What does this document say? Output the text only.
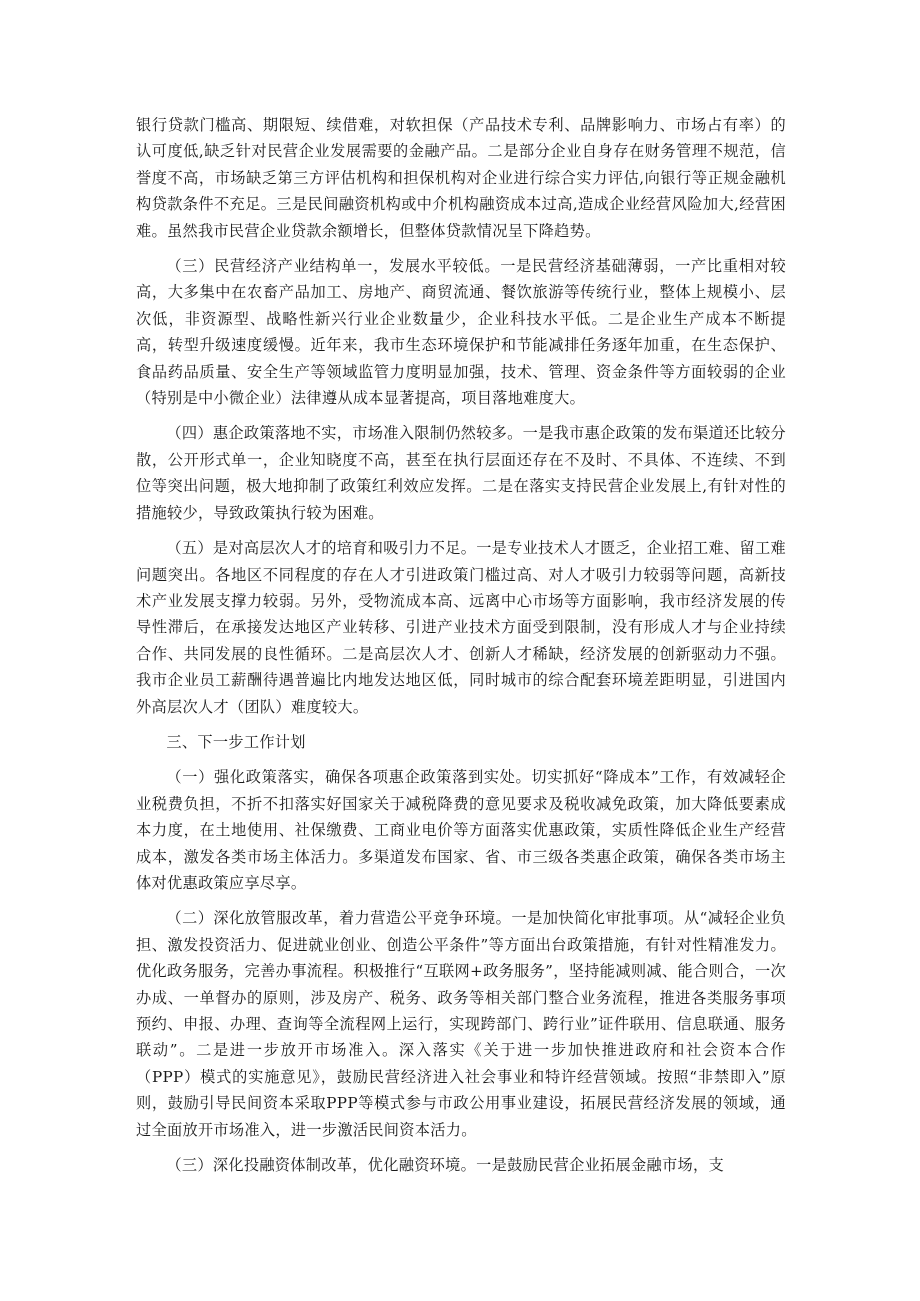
银行贷款门槛高、期限短、续借难，对软担保（产品技术专利、品牌影响力、市场占有率）的认可度低,缺乏针对民营企业发展需要的金融产品。二是部分企业自身存在财务管理不规范，信誉度不高，市场缺乏第三方评估机构和担保机构对企业进行综合实力评估,向银行等正规金融机构贷款条件不充足。三是民间融资机构或中介机构融资成本过高,造成企业经营风险加大,经营困难。虽然我市民营企业贷款余额增长，但整体贷款情况呈下降趋势。

（三）民营经济产业结构单一，发展水平较低。一是民营经济基础薄弱，一产比重相对较高，大多集中在农畜产品加工、房地产、商贸流通、餐饮旅游等传统行业，整体上规模小、层次低，非资源型、战略性新兴行业企业数量少，企业科技水平低。二是企业生产成本不断提高，转型升级速度缓慢。近年来，我市生态环境保护和节能减排任务逐年加重，在生态保护、食品药品质量、安全生产等领域监管力度明显加强，技术、管理、资金条件等方面较弱的企业（特别是中小微企业）法律遵从成本显著提高，项目落地难度大。

（四）惠企政策落地不实，市场准入限制仍然较多。一是我市惠企政策的发布渠道还比较分散，公开形式单一，企业知晓度不高，甚至在执行层面还存在不及时、不具体、不连续、不到位等突出问题，极大地抑制了政策红利效应发挥。二是在落实支持民营企业发展上,有针对性的措施较少，导致政策执行较为困难。

（五）是对高层次人才的培育和吸引力不足。一是专业技术人才匮乏，企业招工难、留工难问题突出。各地区不同程度的存在人才引进政策门槛过高、对人才吸引力较弱等问题，高新技术产业发展支撑力较弱。另外，受物流成本高、远离中心市场等方面影响，我市经济发展的传导性滞后，在承接发达地区产业转移、引进产业技术方面受到限制，没有形成人才与企业持续合作、共同发展的良性循环。二是高层次人才、创新人才稀缺，经济发展的创新驱动力不强。我市企业员工薪酬待遇普遍比内地发达地区低，同时城市的综合配套环境差距明显，引进国内外高层次人才（团队）难度较大。

三、下一步工作计划

（一）强化政策落实，确保各项惠企政策落到实处。切实抓好“降成本”工作，有效减轻企业税费负担，不折不扣落实好国家关于减税降费的意见要求及税收减免政策，加大降低要素成本力度，在土地使用、社保缴费、工商业电价等方面落实优惠政策，实质性降低企业生产经营成本，激发各类市场主体活力。多渠道发布国家、省、市三级各类惠企政策，确保各类市场主体对优惠政策应享尽享。

（二）深化放管服改革，着力营造公平竞争环境。一是加快简化审批事项。从“减轻企业负担、激发投资活力、促进就业创业、创造公平条件”等方面出台政策措施，有针对性精准发力。优化政务服务，完善办事流程。积极推行“互联网+政务服务”，坚持能减则减、能合则合，一次办成、一单督办的原则，涉及房产、税务、政务等相关部门整合业务流程，推进各类服务事项预约、申报、办理、查询等全流程网上运行，实现跨部门、跨行业”证件联用、信息联通、服务联动”。二是进一步放开市场准入。深入落实《关于进一步加快推进政府和社会资本合作（PPP）模式的实施意见》，鼓励民营经济进入社会事业和特许经营领域。按照“非禁即入”原则，鼓励引导民间资本采取PPP等模式参与市政公用事业建设，拓展民营经济发展的领域，通过全面放开市场准入，进一步激活民间资本活力。

（三）深化投融资体制改革，优化融资环境。一是鼓励民营企业拓展金融市场，支
